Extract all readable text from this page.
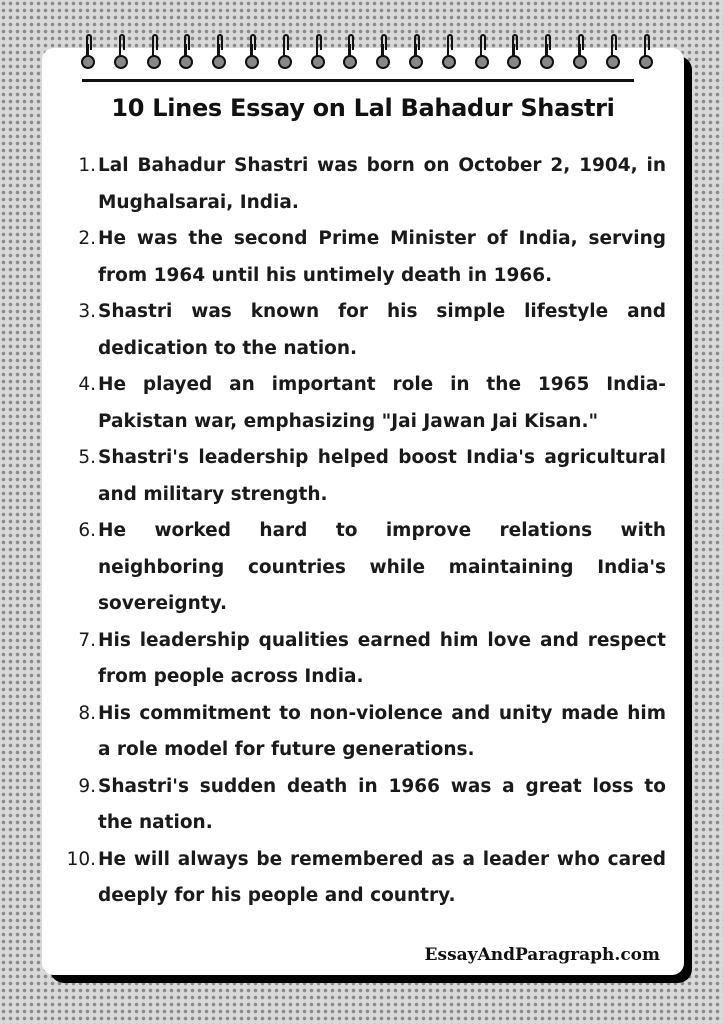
10 Lines Essay on Lal Bahadur Shastri
1. Lal Bahadur Shastri was born on October 2, 1904, in Mughalsarai, India.
2. He was the second Prime Minister of India, serving from 1964 until his untimely death in 1966.
3. Shastri was known for his simple lifestyle and dedication to the nation.
4. He played an important role in the 1965 India-Pakistan war, emphasizing "Jai Jawan Jai Kisan."
5. Shastri's leadership helped boost India's agricultural and military strength.
6. He worked hard to improve relations with neighboring countries while maintaining India's sovereignty.
7. His leadership qualities earned him love and respect from people across India.
8. His commitment to non-violence and unity made him a role model for future generations.
9. Shastri's sudden death in 1966 was a great loss to the nation.
10. He will always be remembered as a leader who cared deeply for his people and country.
EssayAndParagraph.com
